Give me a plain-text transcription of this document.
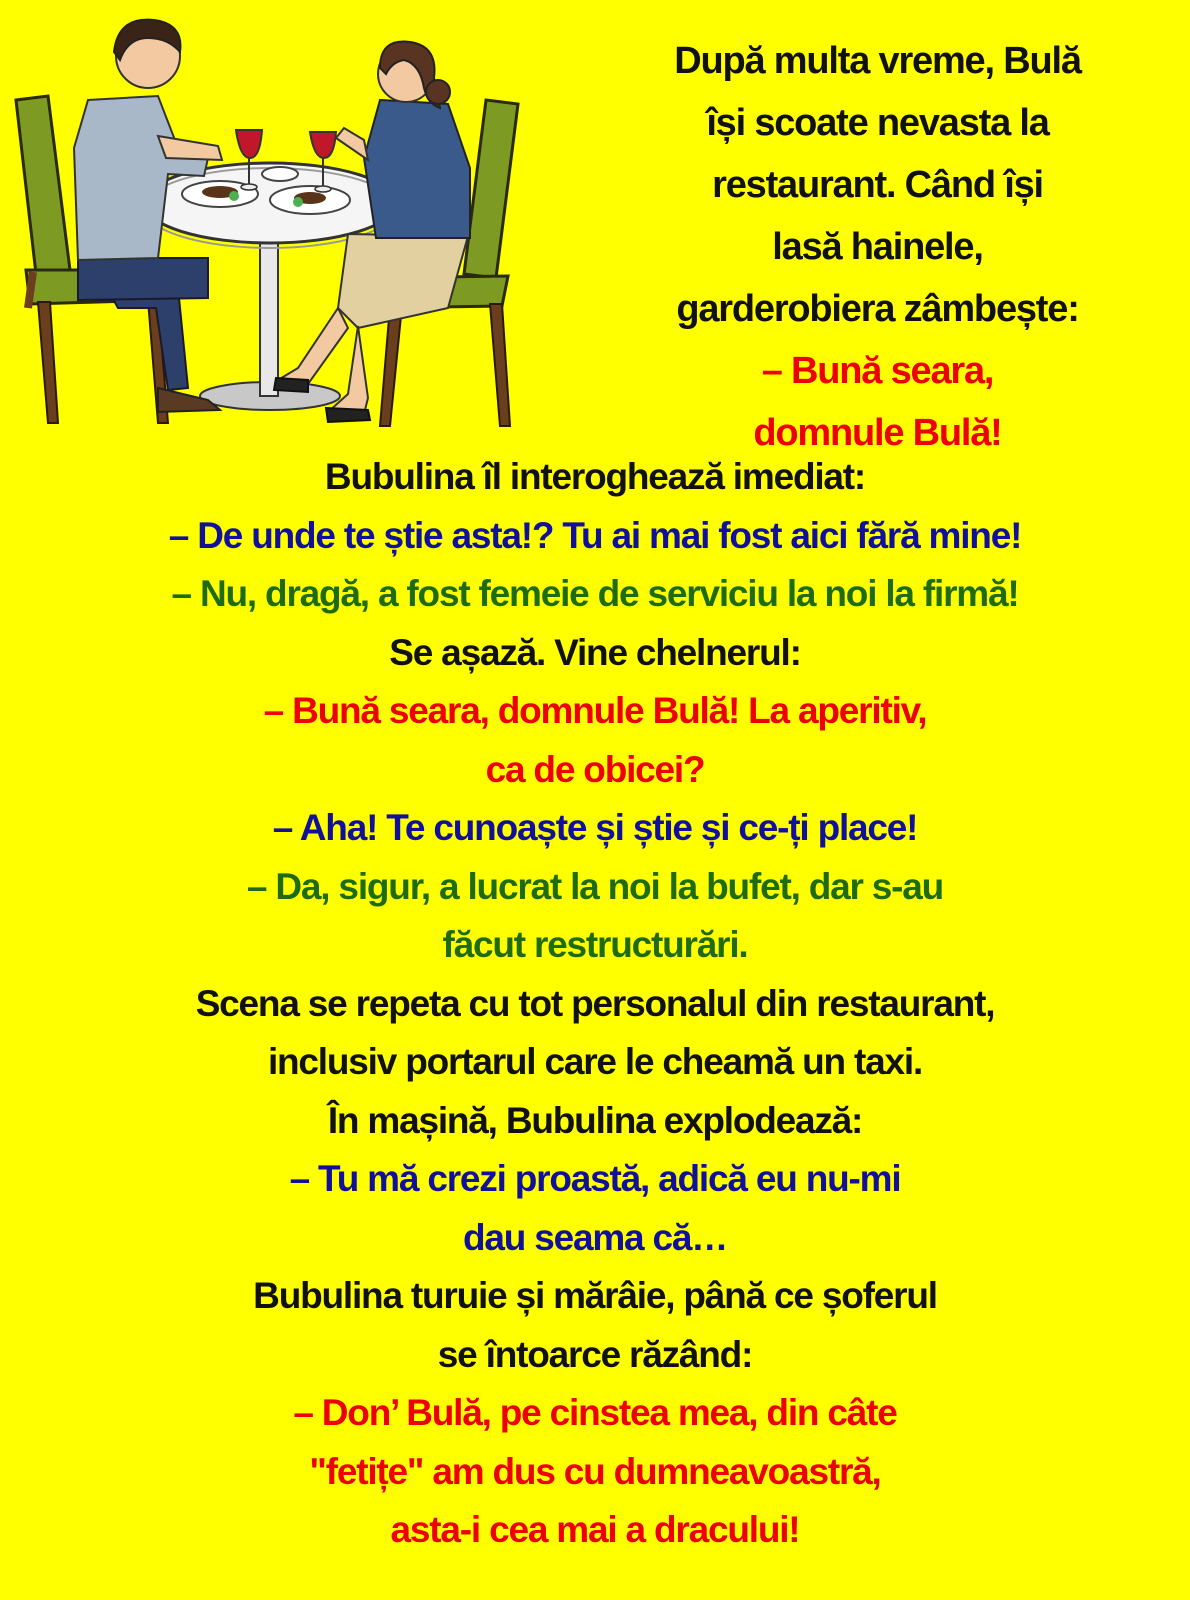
După multa vreme, Bulă
își scoate nevasta la
restaurant. Când își
lasă hainele,
garderobiera zâmbește:
– Bună seara,
domnule Bulă!
Bubulina îl interoghează imediat:
– De unde te știe asta!? Tu ai mai fost aici fără mine!
– Nu, dragă, a fost femeie de serviciu la noi la firmă!
Se așază. Vine chelnerul:
– Bună seara, domnule Bulă! La aperitiv,
ca de obicei?
– Aha! Te cunoaște și știe și ce-ți place!
– Da, sigur, a lucrat la noi la bufet, dar s-au
făcut restructurări.
Scena se repeta cu tot personalul din restaurant,
inclusiv portarul care le cheamă un taxi.
În mașină, Bubulina explodează:
– Tu mă crezi proastă, adică eu nu-mi
dau seama că…
Bubulina turuie și mărâie, până ce șoferul
se întoarce răzând:
– Don’ Bulă, pe cinstea mea, din câte
"fetițe" am dus cu dumneavoastră,
asta-i cea mai a dracului!
